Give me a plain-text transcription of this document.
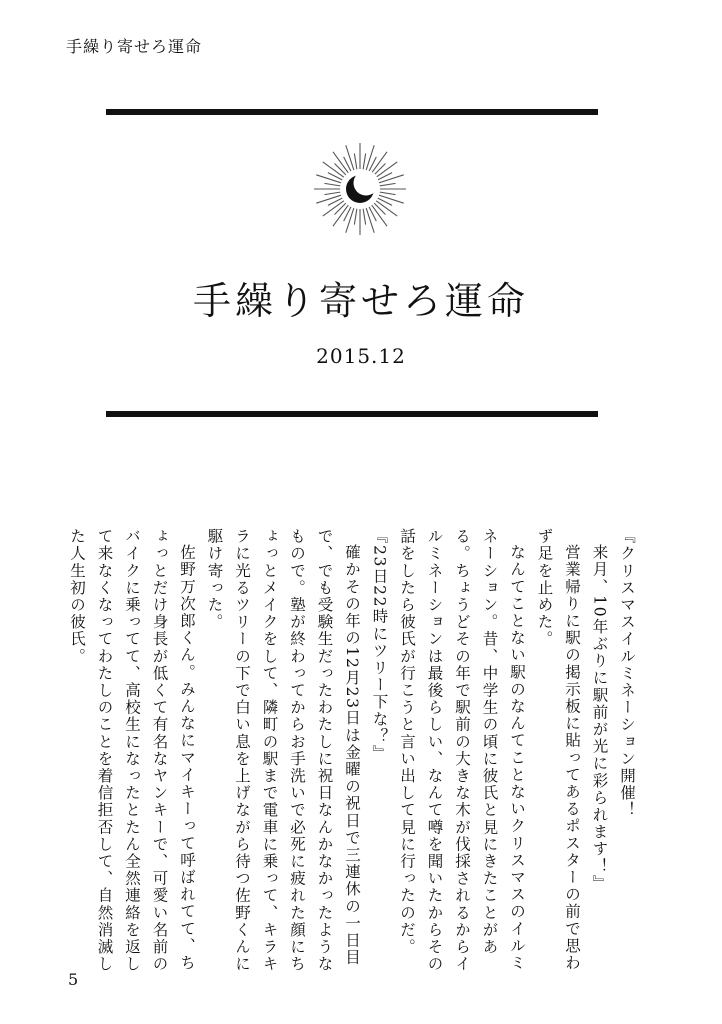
手繰り寄せろ運命
手繰り寄せろ運命
2015.12

『クリスマスイルミネーション開催！

来月、10年ぶりに駅前が光に彩られます！』

営業帰りに駅の掲示板に貼ってあるポスターの前で思わず足を止めた。

なんてことない駅のなんてことないクリスマスのイルミネーション。昔、中学生の頃に彼氏と見にきたことがある。ちょうどその年で駅前の大きな木が伐採されるからイルミネーションは最後らしい、なんて噂を聞いたからその話をしたら彼氏が行こうと言い出して見に行ったのだ。

『23日22時にツリー下な？』

確かその年の12月23日は金曜の祝日で三連休の一日目で、でも受験生だったわたしに祝日なんかなかったようなもので。塾が終わってからお手洗いで必死に疲れた顔にちょっとメイクをして、隣町の駅まで電車に乗って、キラキラに光るツリーの下で白い息を上げながら待つ佐野くんに駆け寄った。

佐野万次郎くん。みんなにマイキーって呼ばれてて、ちょっとだけ身長が低くて有名なヤンキーで、可愛い名前のバイクに乗ってて、高校生になったとたん全然連絡を返して来なくなってわたしのことを着信拒否して、自然消滅した人生初の彼氏。

5
